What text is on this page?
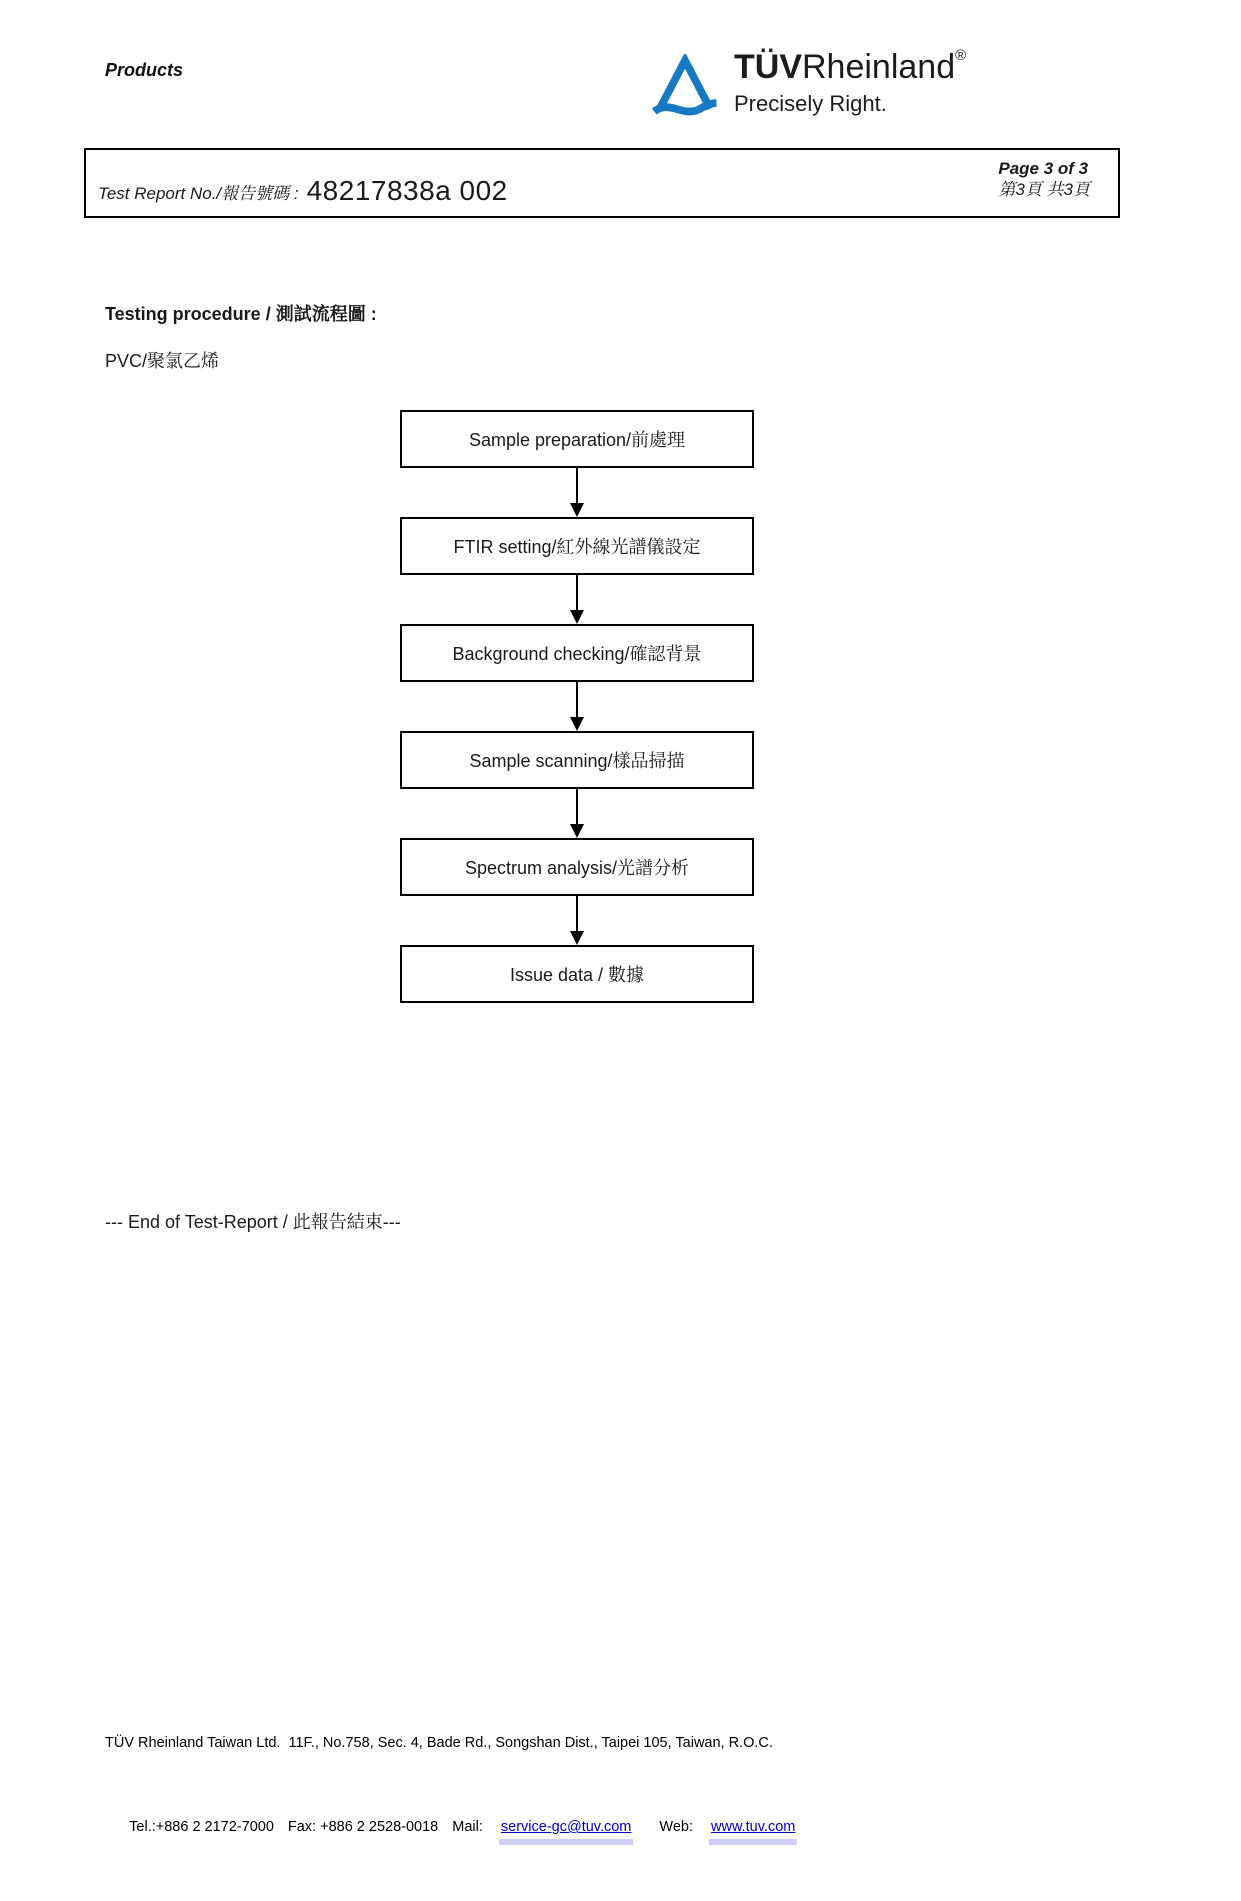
Products	TÜVRheinland®
Precisely Right.
Test Report No./報告號碼 : 48217838a 002
Page 3 of 3
第3頁 共3頁
Testing procedure / 測試流程圖 :
PVC/聚氯乙烯
Sample preparation/前處理
FTIR setting/紅外線光譜儀設定
Background checking/確認背景
Sample scanning/樣品掃描
Spectrum analysis/光譜分析
Issue data / 數據
--- End of Test-Report / 此報告結束---

TÜV Rheinland Taiwan Ltd.  11F., No.758, Sec. 4, Bade Rd., Songshan Dist., Taipei 105, Taiwan, R.O.C.

Tel.:+886 2 2172-7000 Fax: +886 2 2528-0018 Mail: service-gc@tuv.com Web: www.tuv.com
